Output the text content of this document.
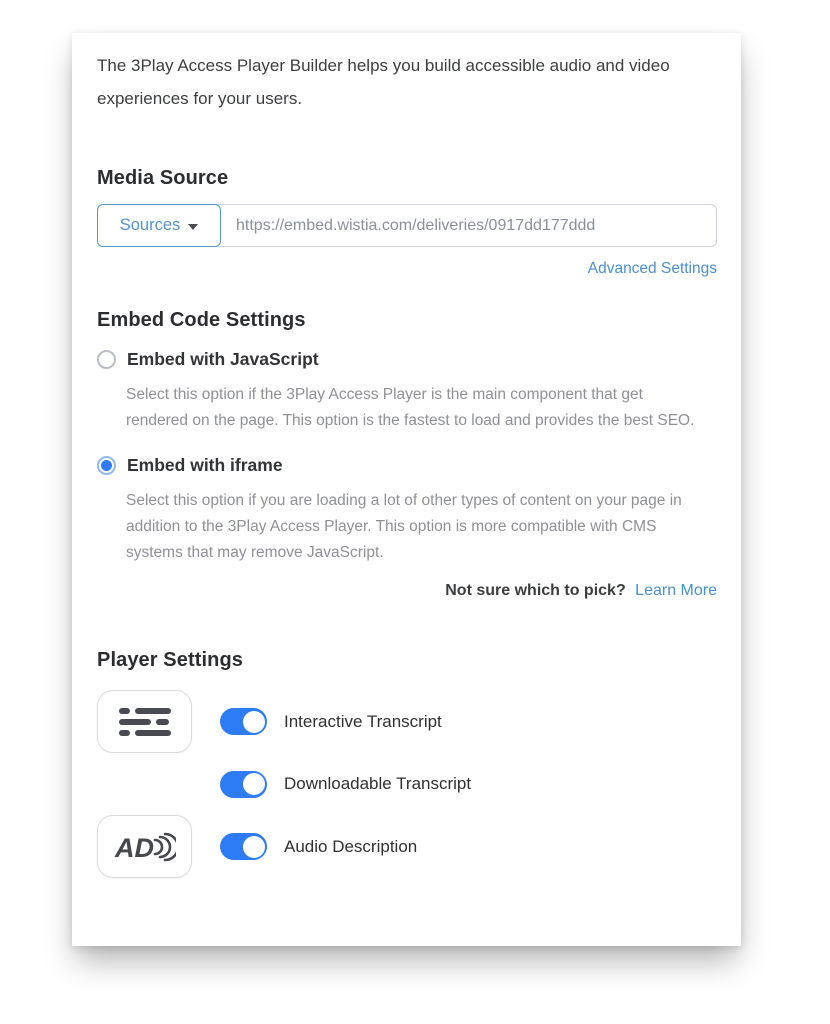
The 3Play Access Player Builder helps you build accessible audio and video experiences for your users.

Media Source
https://embed.wistia.com/deliveries/0917dd177ddd
Sources
Advanced Settings
Embed Code Settings
Embed with JavaScript

Select this option if the 3Play Access Player is the main component that get rendered on the page. This option is the fastest to load and provides the best SEO.

Embed with iframe

Select this option if you are loading a lot of other types of content on your page in addition to the 3Play Access Player. This option is more compatible with CMS systems that may remove JavaScript.

Not sure which to pick? Learn More
Player Settings
Interactive Transcript
Downloadable Transcript
AD	Audio Description
